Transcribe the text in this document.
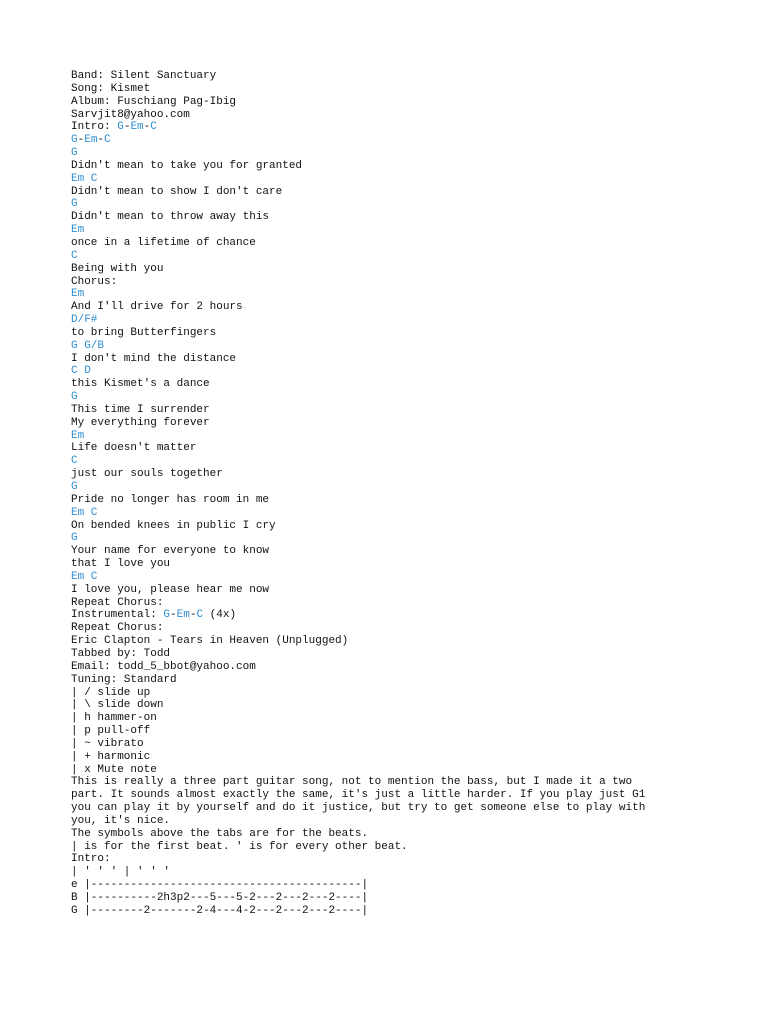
Band: Silent Sanctuary
Song: Kismet
Album: Fuschiang Pag-Ibig
Sarvjit8@yahoo.com
Intro: G-Em-C
G-Em-C
G
Didn't mean to take you for granted
Em C
Didn't mean to show I don't care
G
Didn't mean to throw away this
Em
once in a lifetime of chance
C
Being with you
Chorus:
Em
And I'll drive for 2 hours
D/F#
to bring Butterfingers
G G/B
I don't mind the distance
C D
this Kismet's a dance
G
This time I surrender
My everything forever
Em
Life doesn't matter
C
just our souls together
G
Pride no longer has room in me
Em C
On bended knees in public I cry
G
Your name for everyone to know
that I love you
Em C
I love you, please hear me now
Repeat Chorus:
Instrumental: G-Em-C (4x)
Repeat Chorus:
Eric Clapton - Tears in Heaven (Unplugged)
Tabbed by: Todd
Email: todd_5_bbot@yahoo.com
Tuning: Standard
| / slide up
| \ slide down
| h hammer-on
| p pull-off
| ~ vibrato
| + harmonic
| x Mute note
This is really a three part guitar song, not to mention the bass, but I made it a two
part. It sounds almost exactly the same, it's just a little harder. If you play just G1
you can play it by yourself and do it justice, but try to get someone else to play with
you, it's nice.
The symbols above the tabs are for the beats.
| is for the first beat. ' is for every other beat.
Intro:
| ' ' ' | ' ' '
e |-----------------------------------------|
B |----------2h3p2---5---5-2---2---2---2----|
G |--------2-------2-4---4-2---2---2---2----|
